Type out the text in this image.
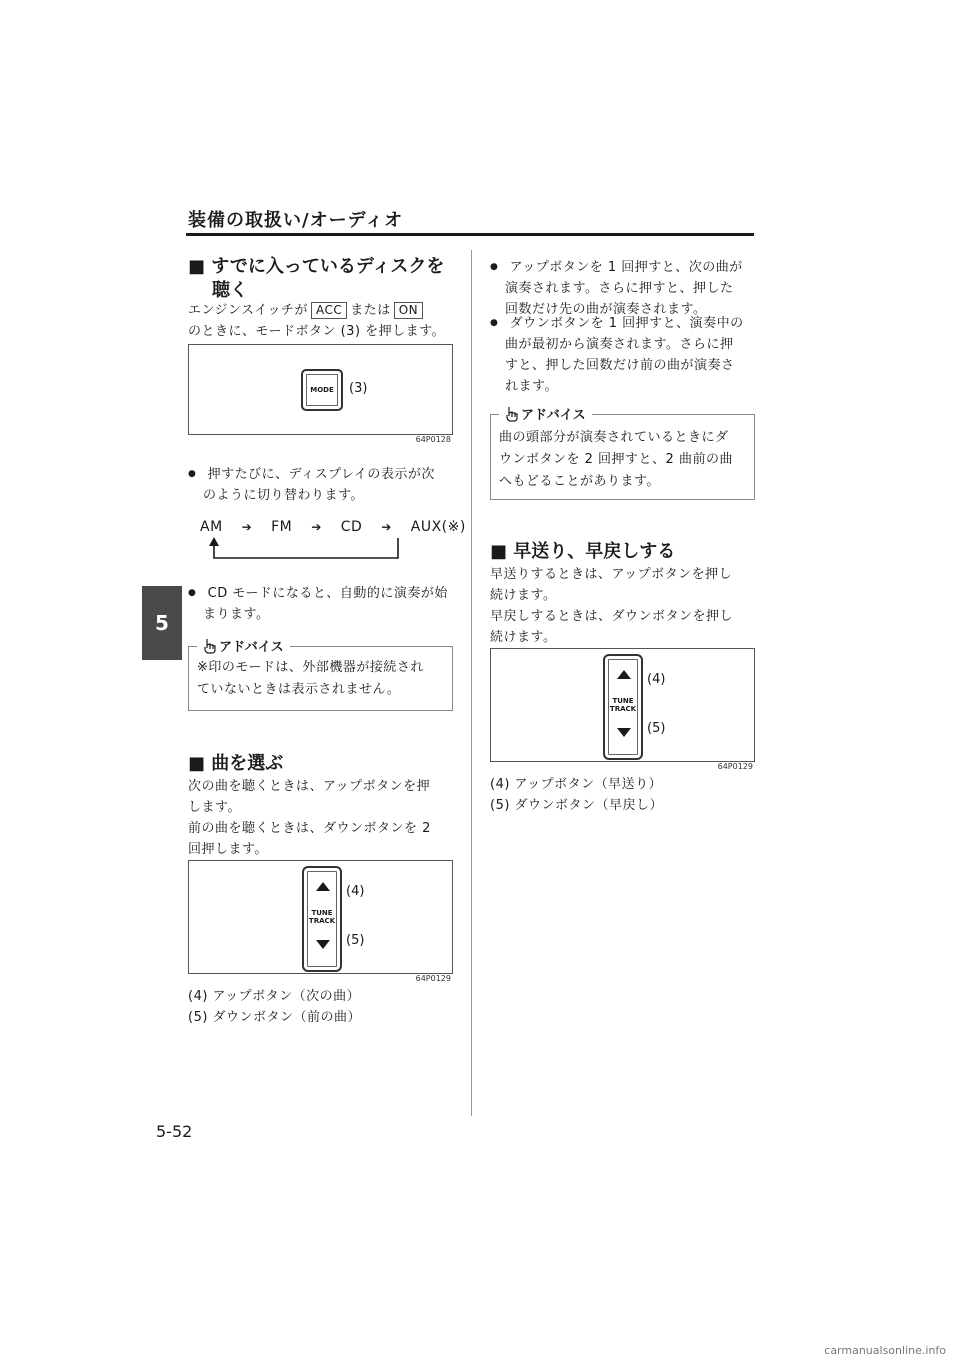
装備の取扱い/オーディオ
5
■ すでに入っているディスクを
聴く
エンジンスイッチが ACC または ON
のときに、モードボタン (3) を押します。
MODE (3)
64P0128
● 押すたびに、ディスプレイの表示が次
のように切り替わります。
AM ➔ FM ➔ CD ➔ AUX(※)
● CD モードになると、自動的に演奏が始
まります。
アドバイス
※印のモードは、外部機器が接続され
ていないときは表示されません。
■ 曲を選ぶ
次の曲を聴くときは、アップボタンを押
します。
前の曲を聴くときは、ダウンボタンを 2
回押します。
TUNE
TRACK
(4)
(5)
64P0129
(4) アップボタン（次の曲）
(5) ダウンボタン（前の曲）
● アップボタンを 1 回押すと、次の曲が
演奏されます。さらに押すと、押した
回数だけ先の曲が演奏されます。
● ダウンボタンを 1 回押すと、演奏中の
曲が最初から演奏されます。さらに押
すと、押した回数だけ前の曲が演奏さ
れます。
アドバイス
曲の頭部分が演奏されているときにダ
ウンボタンを 2 回押すと、2 曲前の曲
へもどることがあります。
■ 早送り、早戻しする
早送りするときは、アップボタンを押し
続けます。
早戻しするときは、ダウンボタンを押し
続けます。
TUNE
TRACK
(4)
(5)
64P0129
(4) アップボタン（早送り）
(5) ダウンボタン（早戻し）
5-52
carmanualsonline.info
